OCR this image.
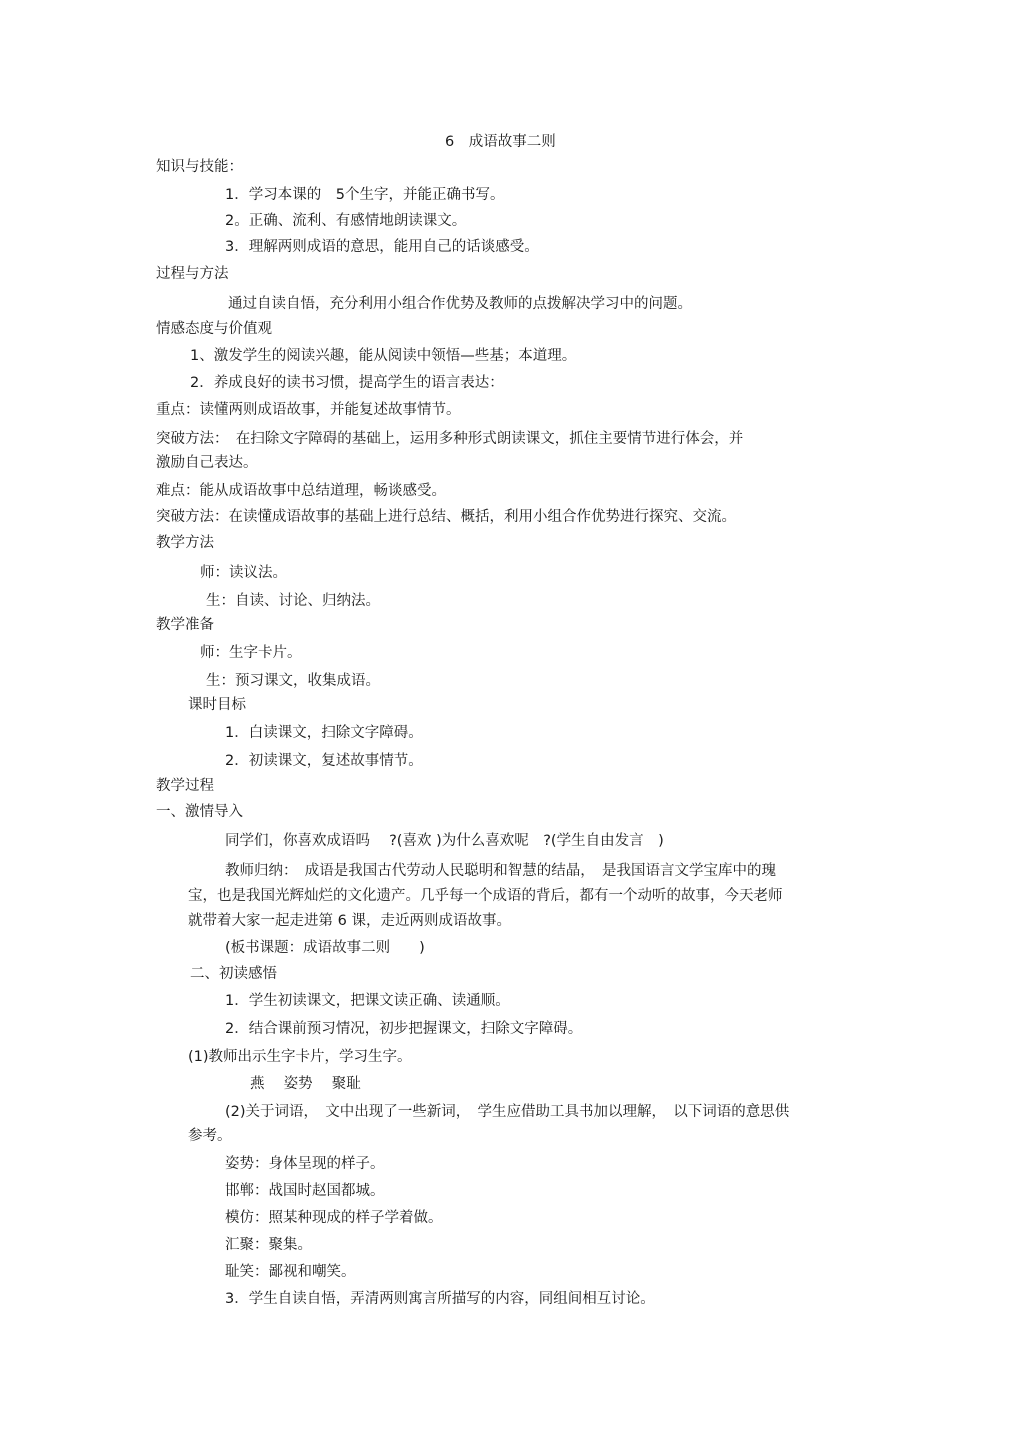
6　成语故事二则
知识与技能：
1．学习本课的　5个生字，并能正确书写。
2。正确、流利、有感情地朗读课文。
3．理解两则成语的意思，能用自己的话谈感受。
过程与方法
通过自读自悟，充分利用小组合作优势及教师的点拨解决学习中的问题。
情感态度与价值观
1、激发学生的阅读兴趣，能从阅读中领悟—些基；本道理。
2．养成良好的读书习惯，提高学生的语言表达：
重点：读懂两则成语故事，并能复述故事情节。
突破方法：　在扫除文字障碍的基础上，运用多种形式朗读课文，抓住主要情节进行体会，并
激励自己表达。
难点：能从成语故事中总结道理，畅谈感受。
突破方法：在读懂成语故事的基础上进行总结、概括，利用小组合作优势进行探究、交流。
教学方法
师：读议法。
生：自读、讨论、归纳法。
教学准备
师：生字卡片。
生：预习课文，收集成语。
课时目标
1．白读课文，扫除文字障碍。
2．初读课文，复述故事情节。
教学过程
一、激情导入
同学们，你喜欢成语吗　 ?(喜欢 )为什么喜欢呢　?(学生自由发言　)
教师归纳：　成语是我国古代劳动人民聪明和智慧的结晶，　是我国语言文学宝库中的瑰
宝，也是我国光辉灿烂的文化遗产。几乎每一个成语的背后，都有一个动听的故事，今天老师
就带着大家一起走进第 6 课，走近两则成语故事。
(板书课题：成语故事二则　　)
二、初读感悟
1．学生初读课文，把课文读正确、读通顺。
2．结合课前预习情况，初步把握课文，扫除文字障碍。
(1)教师出示生字卡片，学习生字。
燕　 姿势　 聚耻
(2)关于词语，　文中出现了一些新词，　学生应借助工具书加以理解，　以下词语的意思供
参考。
姿势：身体呈现的样子。
邯郸：战国时赵国都城。
模仿：照某种现成的样子学着做。
汇聚：聚集。
耻笑：鄙视和嘲笑。
3．学生自读自悟，弄清两则寓言所描写的内容，同组间相互讨论。
